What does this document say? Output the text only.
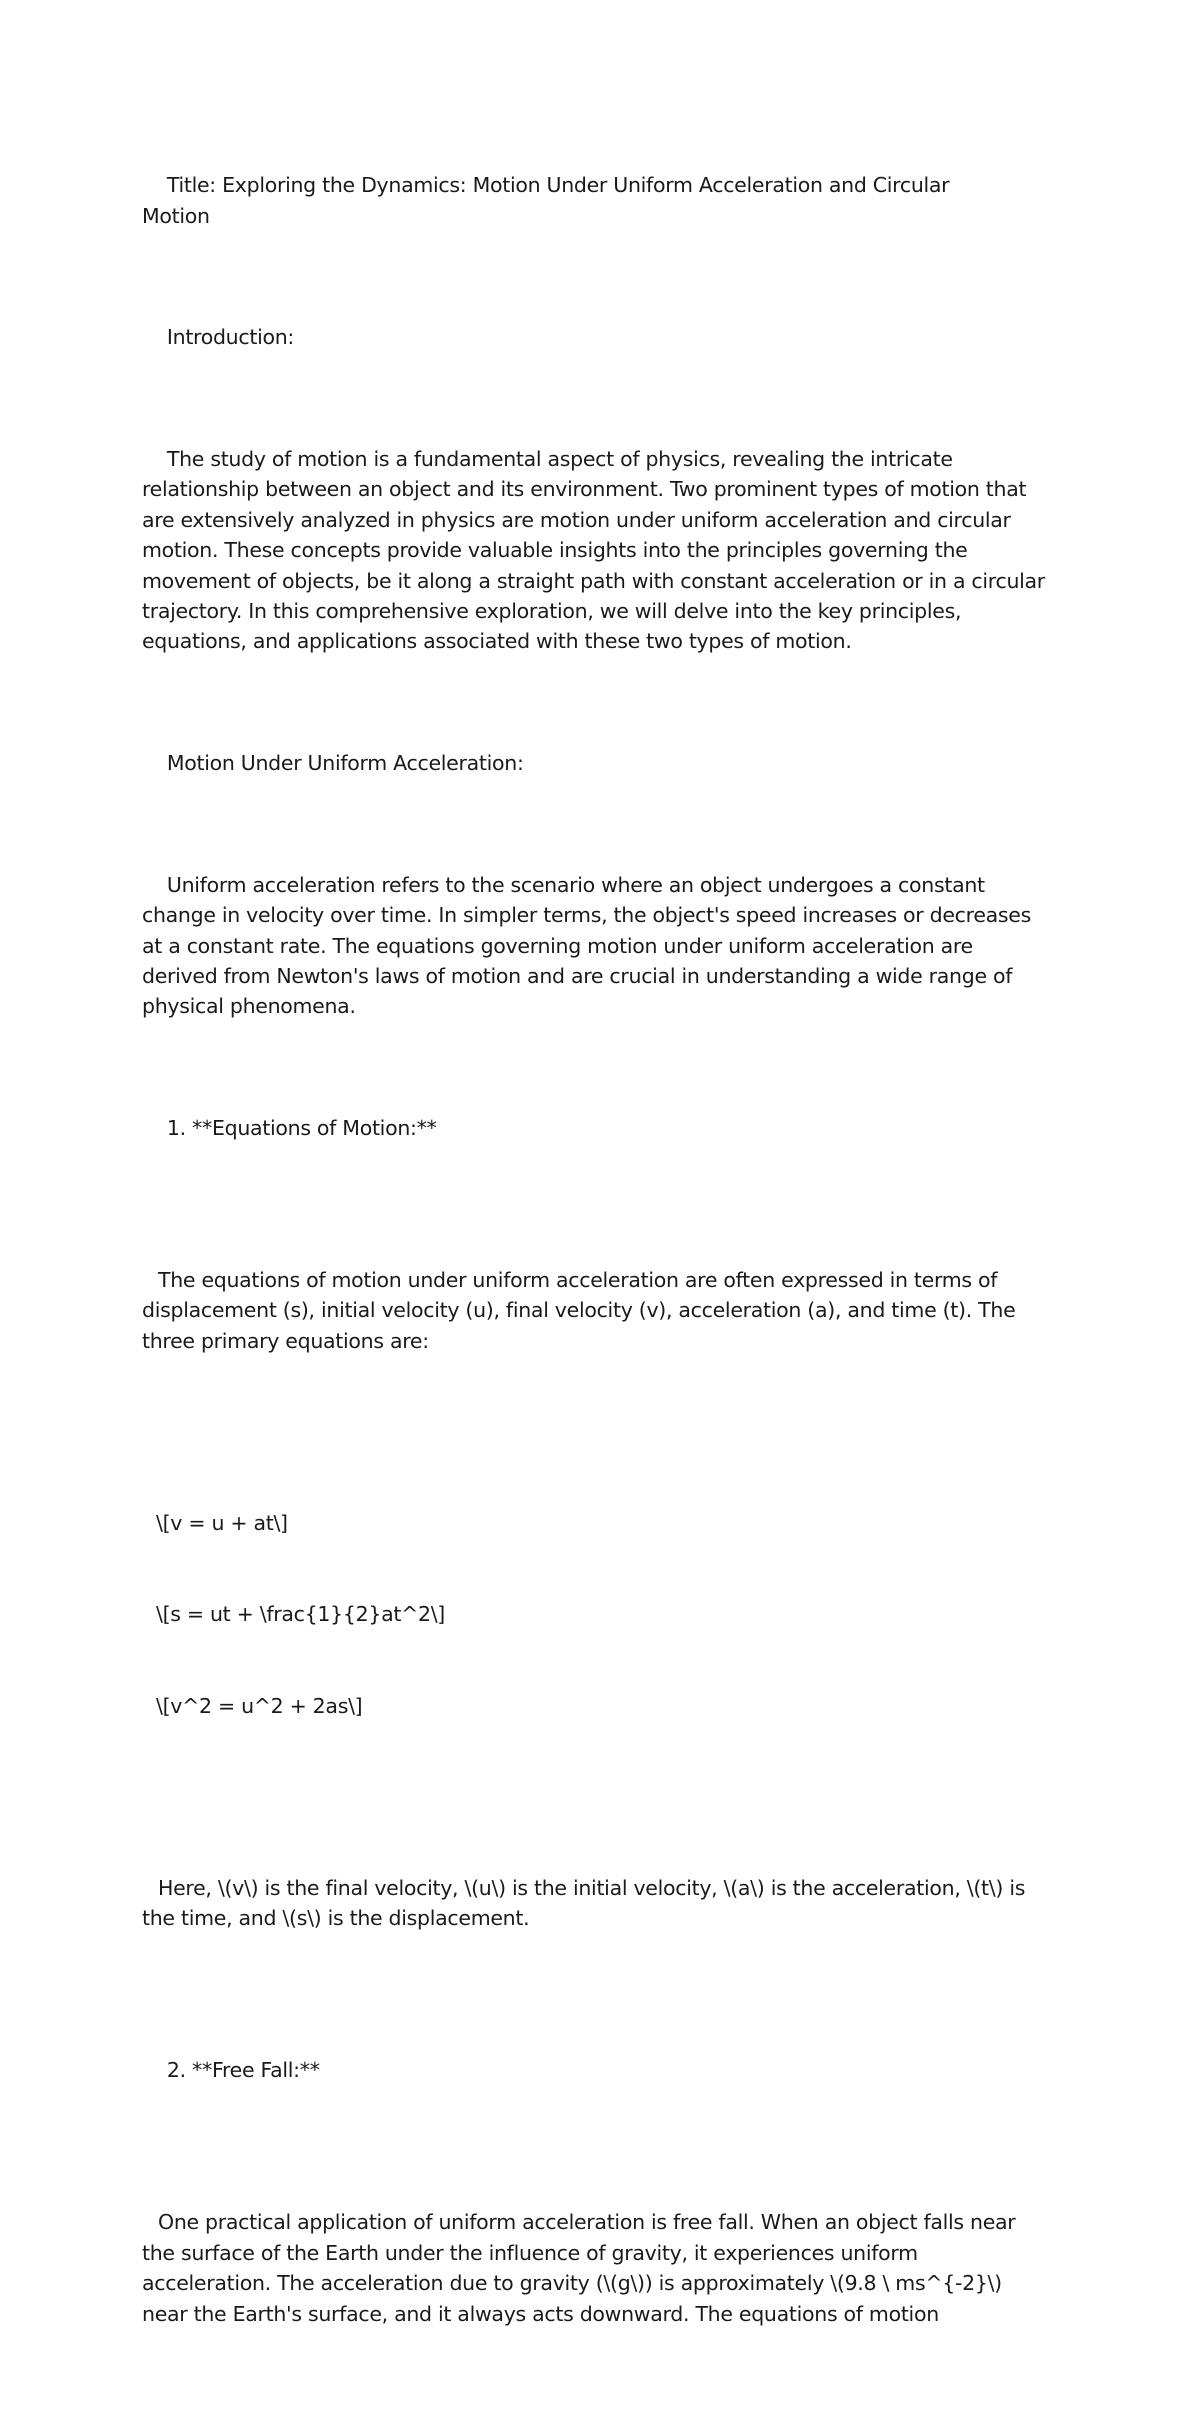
Title: Exploring the Dynamics: Motion Under Uniform Acceleration and Circular Motion

Introduction:

The study of motion is a fundamental aspect of physics, revealing the intricate relationship between an object and its environment. Two prominent types of motion that are extensively analyzed in physics are motion under uniform acceleration and circular motion. These concepts provide valuable insights into the principles governing the movement of objects, be it along a straight path with constant acceleration or in a circular trajectory. In this comprehensive exploration, we will delve into the key principles, equations, and applications associated with these two types of motion.

Motion Under Uniform Acceleration:

Uniform acceleration refers to the scenario where an object undergoes a constant change in velocity over time. In simpler terms, the object's speed increases or decreases at a constant rate. The equations governing motion under uniform acceleration are derived from Newton's laws of motion and are crucial in understanding a wide range of physical phenomena.

1. **Equations of Motion:**

The equations of motion under uniform acceleration are often expressed in terms of displacement (s), initial velocity (u), final velocity (v), acceleration (a), and time (t). The three primary equations are:

\[v = u + at\]

\[s = ut + \frac{1}{2}at^2\]

\[v^2 = u^2 + 2as\]

Here, \(v\) is the final velocity, \(u\) is the initial velocity, \(a\) is the acceleration, \(t\) is the time, and \(s\) is the displacement.

2. **Free Fall:**

One practical application of uniform acceleration is free fall. When an object falls near the surface of the Earth under the influence of gravity, it experiences uniform acceleration. The acceleration due to gravity (\(g\)) is approximately \(9.8 \ ms^{-2}\) near the Earth's surface, and it always acts downward. The equations of motion
